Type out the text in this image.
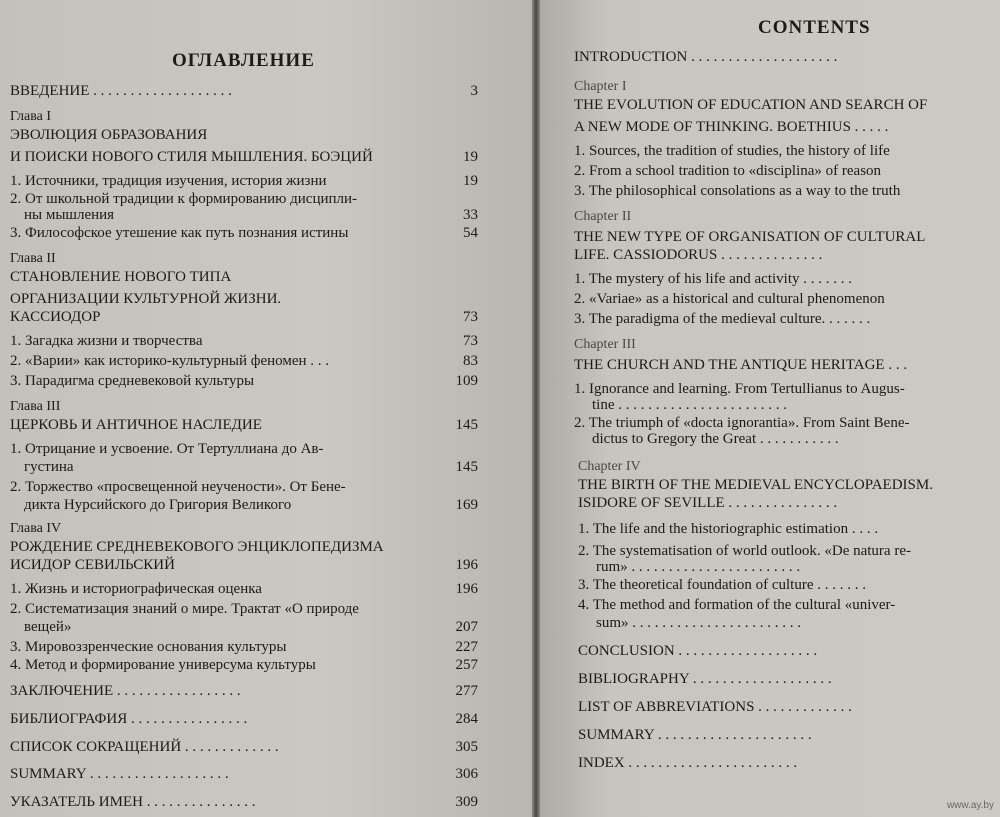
ОГЛАВЛЕНИЕ
ВВЕДЕНИЕ . . . . . . . . . . . . . . . . . . .	3
Глава I
ЭВОЛЮЦИЯ ОБРАЗОВАНИЯ
И ПОИСКИ НОВОГО СТИЛЯ МЫШЛЕНИЯ. БОЭЦИЙ	19
1. Источники, традиция изучения, история жизни	19
2. От школьной традиции к формированию дисципли-
ны мышления	33
3. Философское утешение как путь познания истины	54
Глава II
СТАНОВЛЕНИЕ НОВОГО ТИПА
ОРГАНИЗАЦИИ КУЛЬТУРНОЙ ЖИЗНИ.
КАССИОДОР	73
1. Загадка жизни и творчества	73
2. «Варии» как историко-культурный феномен . . .	83
3. Парадигма средневековой культуры	109
Глава III
ЦЕРКОВЬ И АНТИЧНОЕ НАСЛЕДИЕ	145
1. Отрицание и усвоение. От Тертуллиана до Ав-
густина	145
2. Торжество «просвещенной неучености». От Бене-
дикта Нурсийского до Григория Великого	169
Глава IV
РОЖДЕНИЕ СРЕДНЕВЕКОВОГО ЭНЦИКЛОПЕДИЗМА
ИСИДОР СЕВИЛЬСКИЙ	196
1. Жизнь и историографическая оценка	196
2. Систематизация знаний о мире. Трактат «О природе
вещей»	207
3. Мировоззренческие основания культуры	227
4. Метод и формирование универсума культуры	257
ЗАКЛЮЧЕНИЕ . . . . . . . . . . . . . . . . .	277
БИБЛИОГРАФИЯ . . . . . . . . . . . . . . . .	284
СПИСОК СОКРАЩЕНИЙ . . . . . . . . . . . . .	305
SUMMARY . . . . . . . . . . . . . . . . . . .	306
УКАЗАТЕЛЬ ИМЕН . . . . . . . . . . . . . . .	309
CONTENTS
INTRODUCTION . . . . . . . . . . . . . . . . . . . .
Chapter I
THE EVOLUTION OF EDUCATION AND SEARCH OF
A NEW MODE OF THINKING. BOETHIUS . . . . .
1. Sources, the tradition of studies, the history of life
2. From a school tradition to «disciplina» of reason
3. The philosophical consolations as a way to the truth
Chapter II
THE NEW TYPE OF ORGANISATION OF CULTURAL
LIFE. CASSIODORUS . . . . . . . . . . . . . .
1. The mystery of his life and activity . . . . . . .
2. «Variae» as a historical and cultural phenomenon
3. The paradigma of the medieval culture. . . . . . .
Chapter III
THE CHURCH AND THE ANTIQUE HERITAGE . . .
1. Ignorance and learning. From Tertullianus to Augus-
tine . . . . . . . . . . . . . . . . . . . . . . .
2. The triumph of «docta ignorantia». From Saint Bene-
dictus to Gregory the Great . . . . . . . . . . .
Chapter IV
THE BIRTH OF THE MEDIEVAL ENCYCLOPAEDISM.
ISIDORE OF SEVILLE . . . . . . . . . . . . . . .
1. The life and the historiographic estimation . . . .
2. The systematisation of world outlook. «De natura re-
rum» . . . . . . . . . . . . . . . . . . . . . . .
3. The theoretical foundation of culture . . . . . . .
4. The method and formation of the cultural «univer-
sum» . . . . . . . . . . . . . . . . . . . . . . .
CONCLUSION . . . . . . . . . . . . . . . . . . .
BIBLIOGRAPHY . . . . . . . . . . . . . . . . . . .
LIST OF ABBREVIATIONS . . . . . . . . . . . . .
SUMMARY . . . . . . . . . . . . . . . . . . . . .
INDEX . . . . . . . . . . . . . . . . . . . . . . .
www.ay.by
